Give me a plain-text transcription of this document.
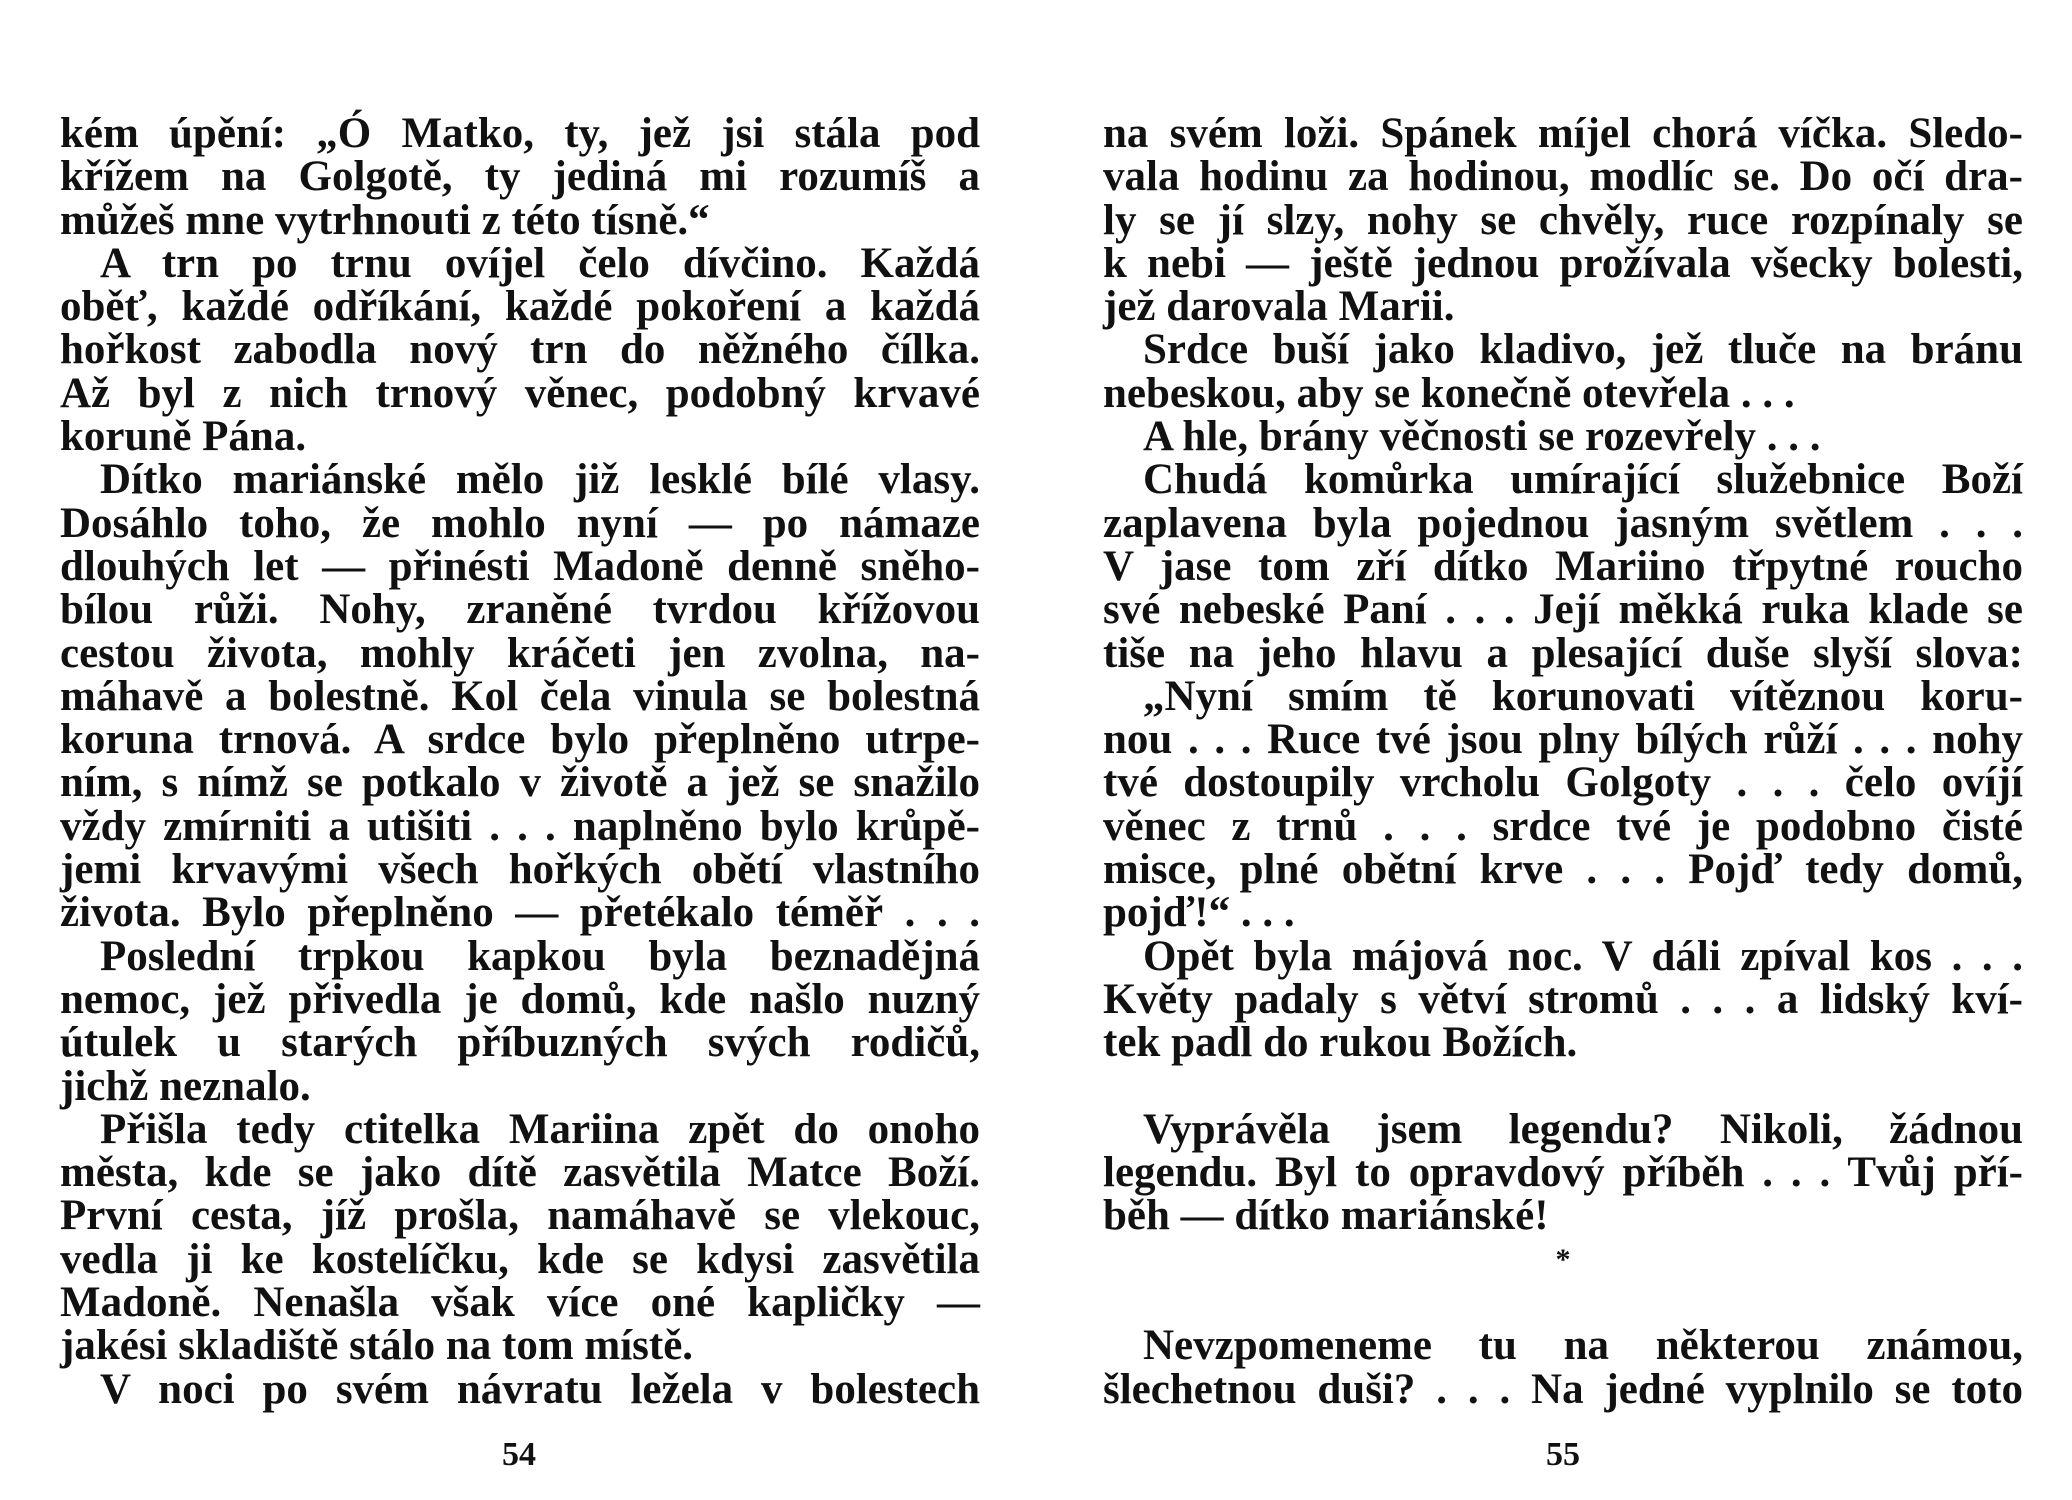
kém úpění: „Ó Matko, ty, jež jsi stála pod
křížem na Golgotě, ty jediná mi rozumíš a
můžeš mne vytrhnouti z této tísně.“
A trn po trnu ovíjel čelo dívčino. Každá
oběť, každé odříkání, každé pokoření a každá
hořkost zabodla nový trn do něžného čílka.
Až byl z nich trnový věnec, podobný krvavé
koruně Pána.
Dítko mariánské mělo již lesklé bílé vlasy.
Dosáhlo toho, že mohlo nyní — po námaze
dlouhých let — přinésti Madoně denně sněho-
bílou růži. Nohy, zraněné tvrdou křížovou
cestou života, mohly kráčeti jen zvolna, na-
máhavě a bolestně. Kol čela vinula se bolestná
koruna trnová. A srdce bylo přeplněno utrpe-
ním, s nímž se potkalo v životě a jež se snažilo
vždy zmírniti a utišiti . . . naplněno bylo krůpě-
jemi krvavými všech hořkých obětí vlastního
života. Bylo přeplněno — přetékalo téměř . . .
Poslední trpkou kapkou byla beznadějná
nemoc, jež přivedla je domů, kde našlo nuzný
útulek u starých příbuzných svých rodičů,
jichž neznalo.
Přišla tedy ctitelka Mariina zpět do onoho
města, kde se jako dítě zasvětila Matce Boží.
První cesta, jíž prošla, namáhavě se vlekouc,
vedla ji ke kostelíčku, kde se kdysi zasvětila
Madoně. Nenašla však více oné kapličky —
jakési skladiště stálo na tom místě.
V noci po svém návratu ležela v bolestech
na svém loži. Spánek míjel chorá víčka. Sledo-
vala hodinu za hodinou, modlíc se. Do očí dra-
ly se jí slzy, nohy se chvěly, ruce rozpínaly se
k nebi — ještě jednou prožívala všecky bolesti,
jež darovala Marii.
Srdce buší jako kladivo, jež tluče na bránu
nebeskou, aby se konečně otevřela . . .
A hle, brány věčnosti se rozevřely . . .
Chudá komůrka umírající služebnice Boží
zaplavena byla pojednou jasným světlem . . .
V jase tom zří dítko Mariino třpytné roucho
své nebeské Paní . . . Její měkká ruka klade se
tiše na jeho hlavu a plesající duše slyší slova:
„Nyní smím tě korunovati vítěznou koru-
nou . . . Ruce tvé jsou plny bílých růží . . . nohy
tvé dostoupily vrcholu Golgoty . . . čelo ovíjí
věnec z trnů . . . srdce tvé je podobno čisté
misce, plné obětní krve . . . Pojď tedy domů,
pojď!“ . . .
Opět byla májová noc. V dáli zpíval kos . . .
Květy padaly s větví stromů . . . a lidský kví-
tek padl do rukou Božích.
Vyprávěla jsem legendu? Nikoli, žádnou
legendu. Byl to opravdový příběh . . . Tvůj pří-
běh — dítko mariánské!
*
Nevzpomeneme tu na některou známou,
šlechetnou duši? . . . Na jedné vyplnilo se toto
54	55
